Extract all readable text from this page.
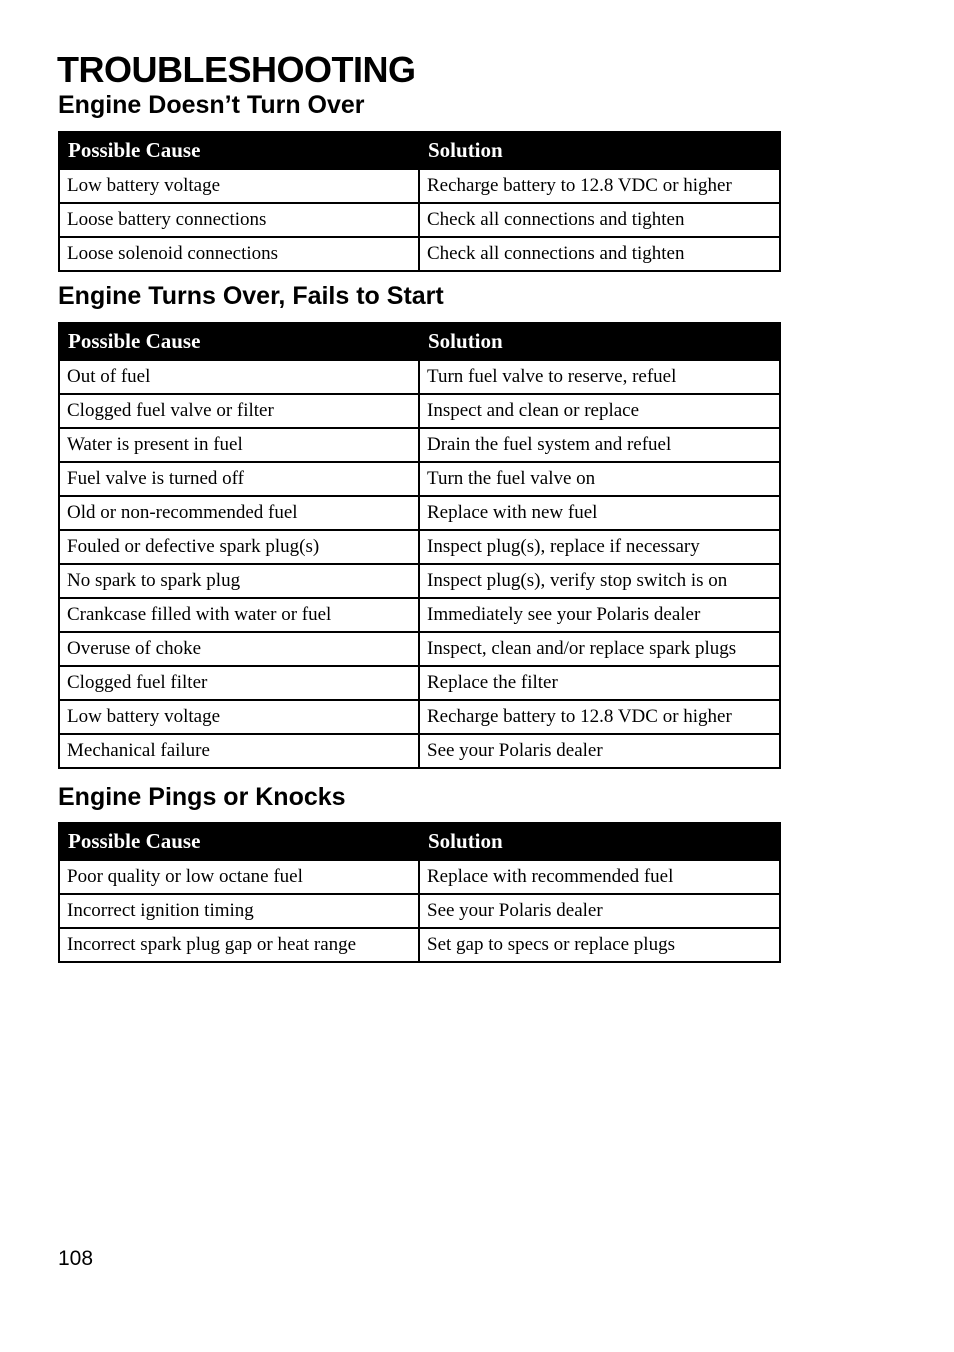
TROUBLESHOOTING
Engine Doesn’t Turn Over
Possible Cause	Solution
Low battery voltage	Recharge battery to 12.8 VDC or higher
Loose battery connections	Check all connections and tighten
Loose solenoid connections	Check all connections and tighten
Engine Turns Over, Fails to Start
Possible Cause	Solution
Out of fuel	Turn fuel valve to reserve, refuel
Clogged fuel valve or filter	Inspect and clean or replace
Water is present in fuel	Drain the fuel system and refuel
Fuel valve is turned off	Turn the fuel valve on
Old or non-recommended fuel	Replace with new fuel
Fouled or defective spark plug(s)	Inspect plug(s), replace if necessary
No spark to spark plug	Inspect plug(s), verify stop switch is on
Crankcase filled with water or fuel	Immediately see your Polaris dealer
Overuse of choke	Inspect, clean and/or replace spark plugs
Clogged fuel filter	Replace the filter
Low battery voltage	Recharge battery to 12.8 VDC or higher
Mechanical failure	See your Polaris dealer
Engine Pings or Knocks
Possible Cause	Solution
Poor quality or low octane fuel	Replace with recommended fuel
Incorrect ignition timing	See your Polaris dealer
Incorrect spark plug gap or heat range	Set gap to specs or replace plugs
108
